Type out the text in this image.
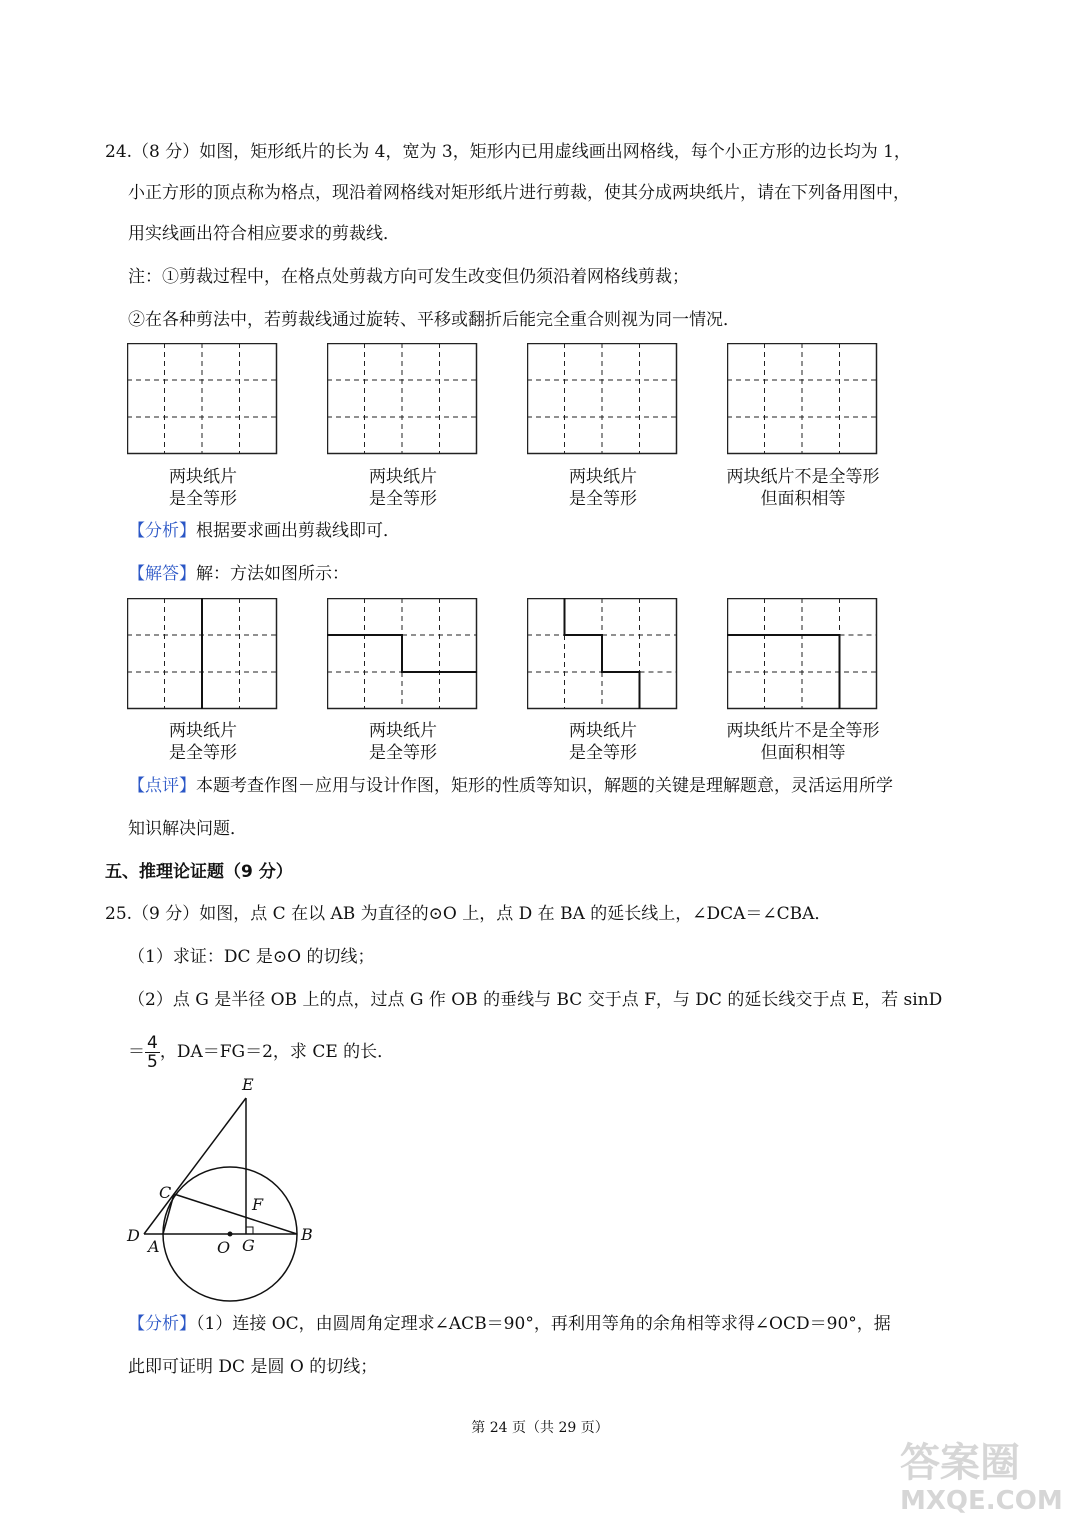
24.（8 分）如图，矩形纸片的长为 4，宽为 3，矩形内已用虚线画出网格线，每个小正方形的边长均为 1，
小正方形的顶点称为格点，现沿着网格线对矩形纸片进行剪裁，使其分成两块纸片，请在下列备用图中，
用实线画出符合相应要求的剪裁线．
注：①剪裁过程中，在格点处剪裁方向可发生改变但仍须沿着网格线剪裁；
②在各种剪法中，若剪裁线通过旋转、平移或翻折后能完全重合则视为同一情况．
两块纸片
是全等形
两块纸片
是全等形
两块纸片
是全等形
两块纸片不是全等形
但面积相等
【分析】根据要求画出剪裁线即可．
【解答】解：方法如图所示：
两块纸片
是全等形
两块纸片
是全等形
两块纸片
是全等形
两块纸片不是全等形
但面积相等
【点评】本题考查作图－应用与设计作图，矩形的性质等知识，解题的关键是理解题意，灵活运用所学
知识解决问题．
五、推理论证题（9 分）
25.（9 分）如图，点 C 在以 AB 为直径的⊙O 上，点 D 在 BA 的延长线上，∠DCA＝∠CBA．
（1）求证：DC 是⊙O 的切线；
（2）点 G 是半径 OB 上的点，过点 G 作 OB 的垂线与 BC 交于点 F，与 DC 的延长线交于点 E，若 sinD
＝ $\frac{4}{5}$ ，DA＝FG＝2，求 CE 的长．
E
C
F
D
A	O G
B
【分析】（1）连接 OC，由圆周角定理求∠ACB＝90°，再利用等角的余角相等求得∠OCD＝90°，据
此即可证明 DC 是圆 O 的切线；
第 24 页（共 29 页）
答案圈
MXQE.COM
